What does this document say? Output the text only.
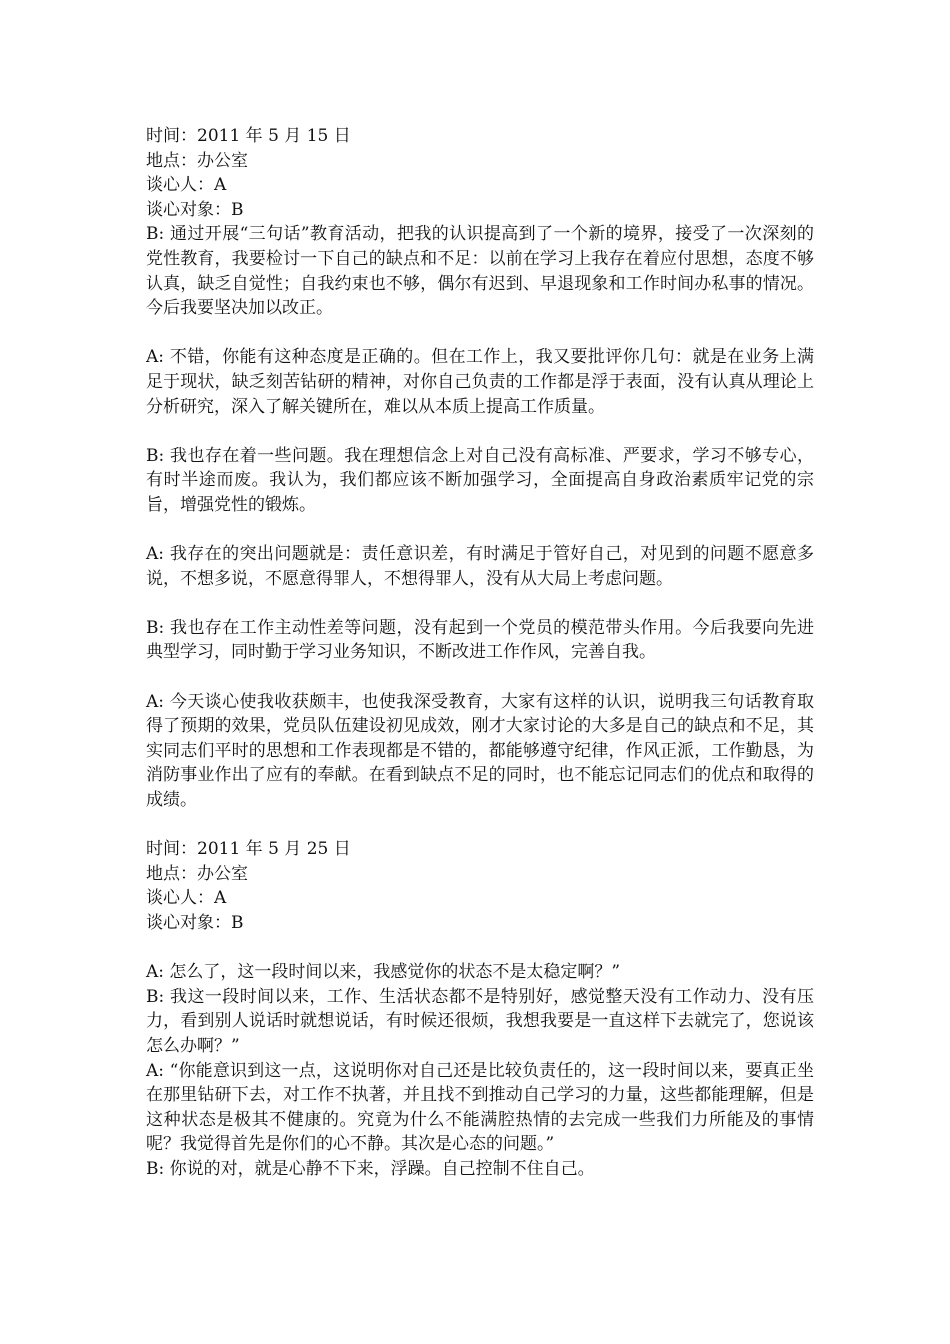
时间：2011 年 5 月 15 日
地点：办公室
谈心人：A
谈心对象：B

B: 通过开展“三句话”教育活动，把我的认识提高到了一个新的境界，接受了一次深刻的党性教育，我要检讨一下自己的缺点和不足：以前在学习上我存在着应付思想，态度不够认真，缺乏自觉性；自我约束也不够，偶尔有迟到、早退现象和工作时间办私事的情况。今后我要坚决加以改正。

A: 不错，你能有这种态度是正确的。但在工作上，我又要批评你几句：就是在业务上满足于现状，缺乏刻苦钻研的精神，对你自己负责的工作都是浮于表面，没有认真从理论上分析研究，深入了解关键所在，难以从本质上提高工作质量。

B: 我也存在着一些问题。我在理想信念上对自己没有高标准、严要求，学习不够专心，有时半途而废。我认为，我们都应该不断加强学习，全面提高自身政治素质牢记党的宗旨，增强党性的锻炼。

A: 我存在的突出问题就是：责任意识差，有时满足于管好自己，对见到的问题不愿意多说，不想多说，不愿意得罪人，不想得罪人，没有从大局上考虑问题。

B: 我也存在工作主动性差等问题，没有起到一个党员的模范带头作用。今后我要向先进典型学习，同时勤于学习业务知识，不断改进工作作风，完善自我。

A: 今天谈心使我收获颇丰，也使我深受教育，大家有这样的认识，说明我三句话教育取得了预期的效果，党员队伍建设初见成效，刚才大家讨论的大多是自己的缺点和不足，其实同志们平时的思想和工作表现都是不错的，都能够遵守纪律，作风正派，工作勤恳，为消防事业作出了应有的奉献。在看到缺点不足的同时，也不能忘记同志们的优点和取得的成绩。

时间：2011 年 5 月 25 日
地点：办公室
谈心人：A
谈心对象：B

A: 怎么了，这一段时间以来，我感觉你的状态不是太稳定啊？”

B: 我这一段时间以来，工作、生活状态都不是特别好，感觉整天没有工作动力、没有压力，看到别人说话时就想说话，有时候还很烦，我想我要是一直这样下去就完了，您说该怎么办啊？”

A: “你能意识到这一点，这说明你对自己还是比较负责任的，这一段时间以来，要真正坐在那里钻研下去，对工作不执著，并且找不到推动自己学习的力量，这些都能理解，但是这种状态是极其不健康的。究竟为什么不能满腔热情的去完成一些我们力所能及的事情呢？我觉得首先是你们的心不静。其次是心态的问题。”

B: 你说的对，就是心静不下来，浮躁。自己控制不住自己。
